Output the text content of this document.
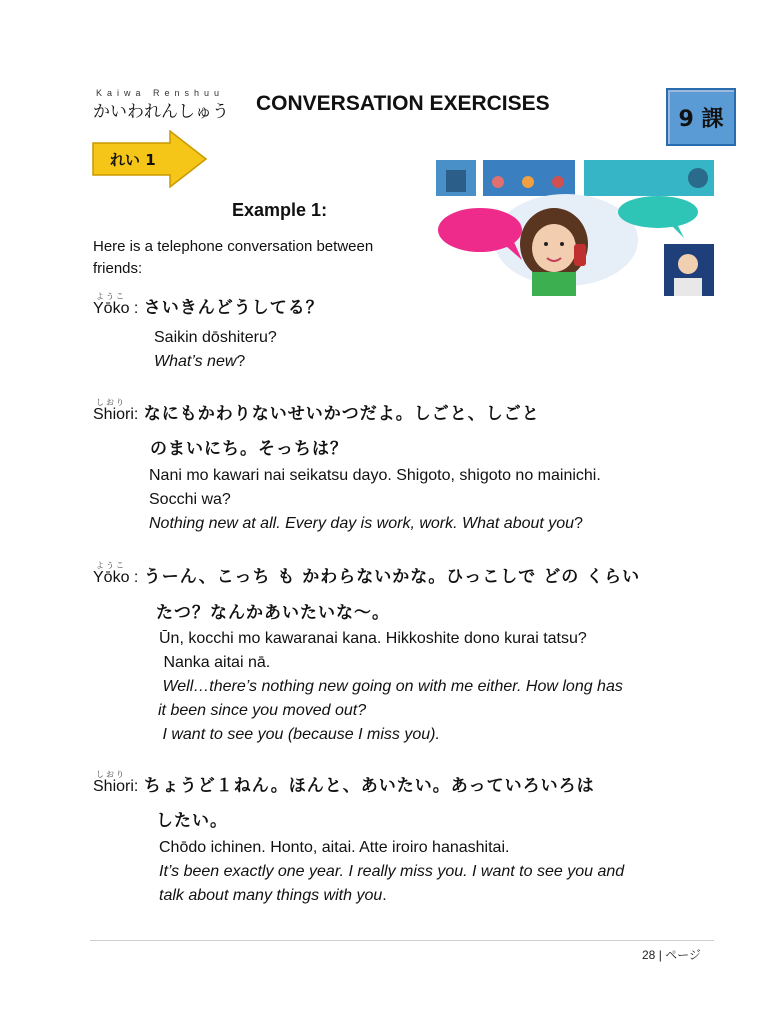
Kaiwa Renshuu
かいわれんしゅう CONVERSATION EXERCISES
9 課
れい 1
Example 1:
Here is a telephone conversation between
friends:
ようこ
Yōko : さいきんどうしてる？
Saikin dōshiteru?
What’s new?
しおり
Shiori: なにもかわりないせいかつだよ。しごと、しごと
のまいにち。そっちは？
Nani mo kawari nai seikatsu dayo. Shigoto, shigoto no mainichi.
Socchi wa?
Nothing new at all. Every day is work, work. What about you?
ようこ
Yōko : うーん、こっち も かわらないかな。ひっこしで どの くらい
たつ？なんかあいたいな〜。
Ūn, kocchi mo kawaranai kana. Hikkoshite dono kurai tatsu?
Nanka aitai nā.
Well…there’s nothing new going on with me either. How long has
it been since you moved out?
I want to see you (because I miss you).
しおり
Shiori: ちょうど１ねん。ほんと、あいたい。あっていろいろは
したい。
Chōdo ichinen. Honto, aitai. Atte iroiro hanashitai.
It’s been exactly one year. I really miss you. I want to see you and
talk about many things with you.
28 | ページ
